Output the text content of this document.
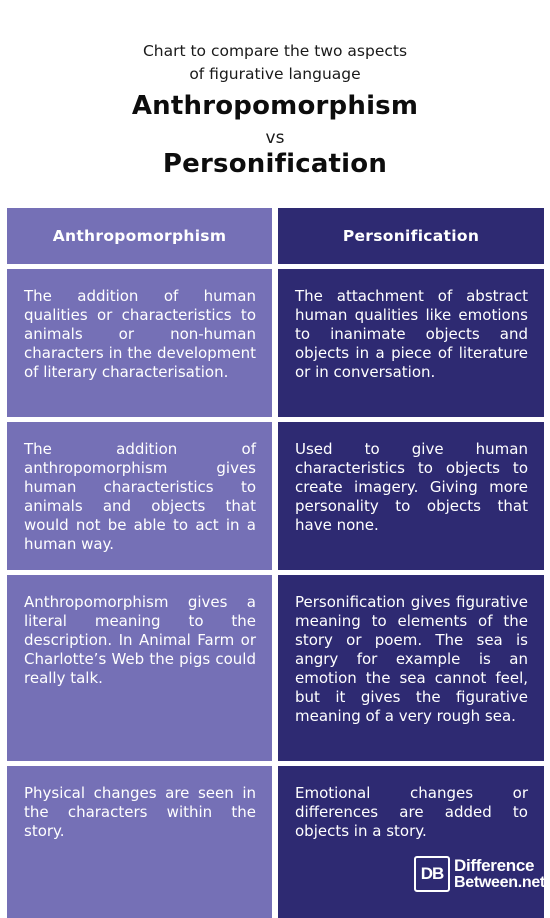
Chart to compare the two aspects
of figurative language
Anthropomorphism
vs
Personification
Anthropomorphism	Personification
The addition of human qualities or characteristics to animals or non-human characters in the development of literary characterisation.
The attachment of abstract human qualities like emotions to inanimate objects and objects in a piece of literature or in conversation.
The addition of anthropomorphism gives human characteristics to animals and objects that would not be able to act in a human way.
Used to give human characteristics to objects to create imagery. Giving more personality to objects that have none.
Anthropomorphism gives a literal meaning to the description. In Animal Farm or Charlotte’s Web the pigs could really talk.
Personification gives figurative meaning to elements of the story or poem. The sea is angry for example is an emotion the sea cannot feel, but it gives the figurative meaning of a very rough sea.
Physical changes are seen in the characters within the story.
Emotional changes or differences are added to objects in a story.
DB Difference
Between.net
